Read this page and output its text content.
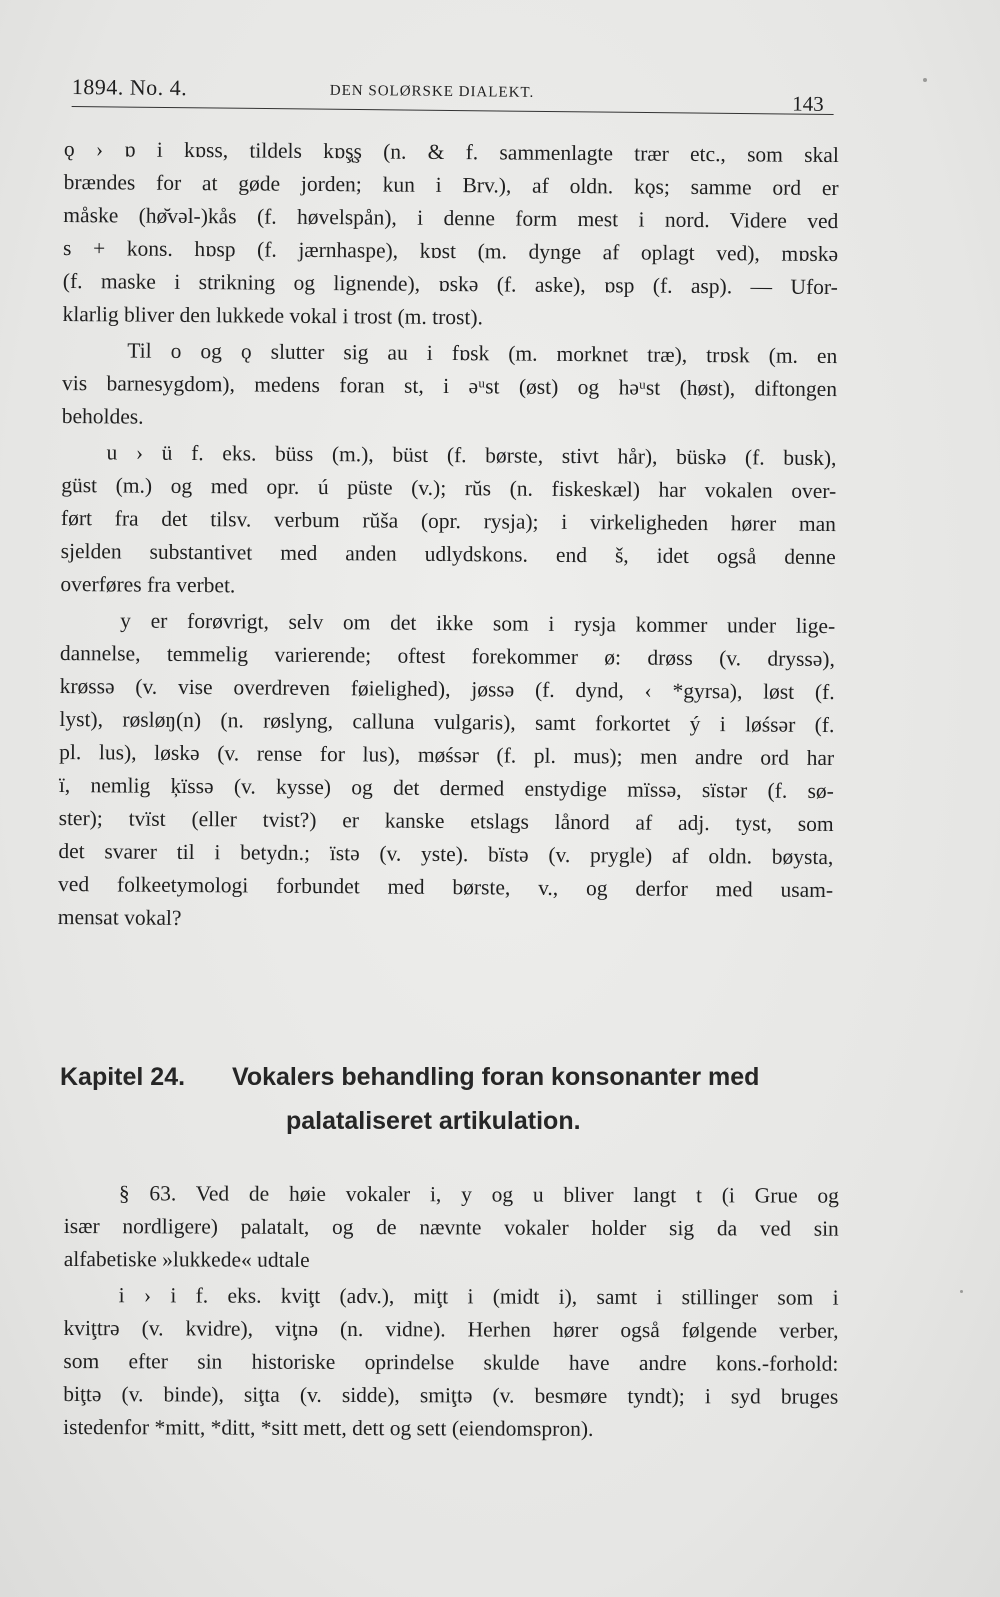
1894. No. 4.	DEN SOLØRSKE DIALEKT.	143
ǫ › ɒ i kɒss, tildels kɒş̨ş (n. & f. sammenlagte trær etc., som skal
brændes for at gøde jorden; kun i Brv.), af oldn. kǫs; samme ord er
måske (hø̆vəl-)kås (f. høvelspån), i denne form mest i nord. Videre ved
s + kons. hɒsp (f. jærnhaspe), kɒst (m. dynge af oplagt ved), mɒskə
(f. maske i strikning og lignende), ɒskə (f. aske), ɒsp (f. asp). — Ufor-
klarlig bliver den lukkede vokal i trost (m. trost).
Til o og ǫ slutter sig au i fɒsk (m. morknet træ), trɒsk (m. en
vis barnesygdom), medens foran st, i əᵘst (øst) og həᵘst (høst), diftongen
beholdes.
u › ü f. eks. büss (m.), büst (f. børste, stivt hår), büskə (f. busk),
güst (m.) og med opr. ú püste (v.); rŭs (n. fiskeskæl) har vokalen over-
ført fra det tilsv. verbum rŭša (opr. rysja); i virkeligheden hører man
sjelden substantivet med anden udlydskons. end š, idet også denne
overføres fra verbet.
y er forøvrigt, selv om det ikke som i rysja kommer under lige-
dannelse, temmelig varierende; oftest forekommer ø: drøss (v. dryssə),
krøssə (v. vise overdreven føielighed), jøssə (f. dynd, ‹ *gyrsa), løst (f.
lyst), røsløŋ(n) (n. røslyng, calluna vulgaris), samt forkortet ý i løśsər (f.
pl. lus), løskə (v. rense for lus), møśsər (f. pl. mus); men andre ord har
ï, nemlig ķïssə (v. kysse) og det dermed enstydige mïssə, sïstər (f. sø-
ster); tvïst (eller tvist?) er kanske etslags lånord af adj. tyst, som
det svarer til i betydn.; ïstə (v. yste). bïstə (v. prygle) af oldn. bøysta,
ved folkeetymologi forbundet med børste, v., og derfor med usam-
mensat vokal?
Kapitel 24. Vokalers behandling foran konsonanter med
palataliseret artikulation.
§ 63. Ved de høie vokaler i, y og u bliver langt t (i Grue og
især nordligere) palatalt, og de nævnte vokaler holder sig da ved sin
alfabetiske »lukkede« udtale
i › i f. eks. kviţt (adv.), miţt i (midt i), samt i stillinger som i
kviţtrə (v. kvidre), viţnə (n. vidne). Herhen hører også følgende verber,
som efter sin historiske oprindelse skulde have andre kons.-forhold:
biţtə (v. binde), siţta (v. sidde), smiţtə (v. besmøre tyndt); i syd bruges
istedenfor *mitt, *ditt, *sitt mett, dett og sett (eiendomspron).
